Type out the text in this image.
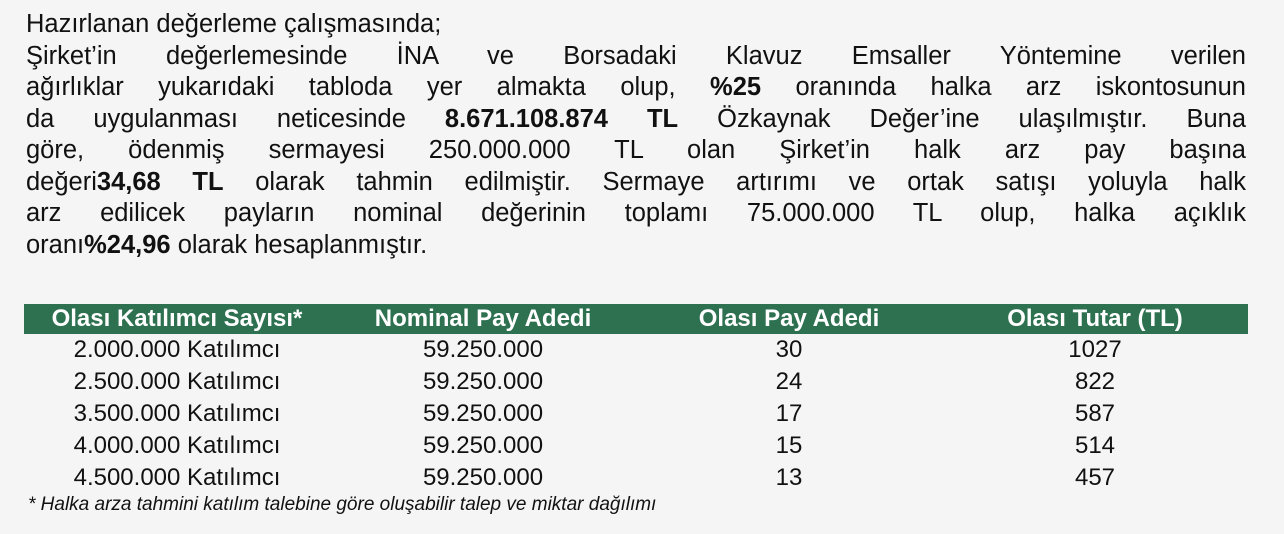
Hazırlanan değerleme çalışmasında;

Şirket’in değerlemesinde İNA ve Borsadaki Klavuz Emsaller Yöntemine verilen

ağırlıklar yukarıdaki tabloda yer almakta olup, %25 oranında halka arz iskontosunun

da uygulanması neticesinde 8.671.108.874 TL Özkaynak Değer’ine ulaşılmıştır. Buna

göre, ödenmiş sermayesi 250.000.000 TL olan Şirket’in halk arz pay başına

değeri34,68 TL olarak tahmin edilmiştir. Sermaye artırımı ve ortak satışı yoluyla halk

arz edilicek payların nominal değerinin toplamı 75.000.000 TL olup, halka açıklık

oranı%24,96 olarak hesaplanmıştır.

Olası Katılımcı Sayısı*	Nominal Pay Adedi	Olası Pay Adedi	Olası Tutar (TL)
2.000.000 Katılımcı	59.250.000	30	1027
2.500.000 Katılımcı	59.250.000	24	822
3.500.000 Katılımcı	59.250.000	17	587
4.000.000 Katılımcı	59.250.000	15	514
4.500.000 Katılımcı	59.250.000	13	457
* Halka arza tahmini katılım talebine göre oluşabilir talep ve miktar dağılımı
